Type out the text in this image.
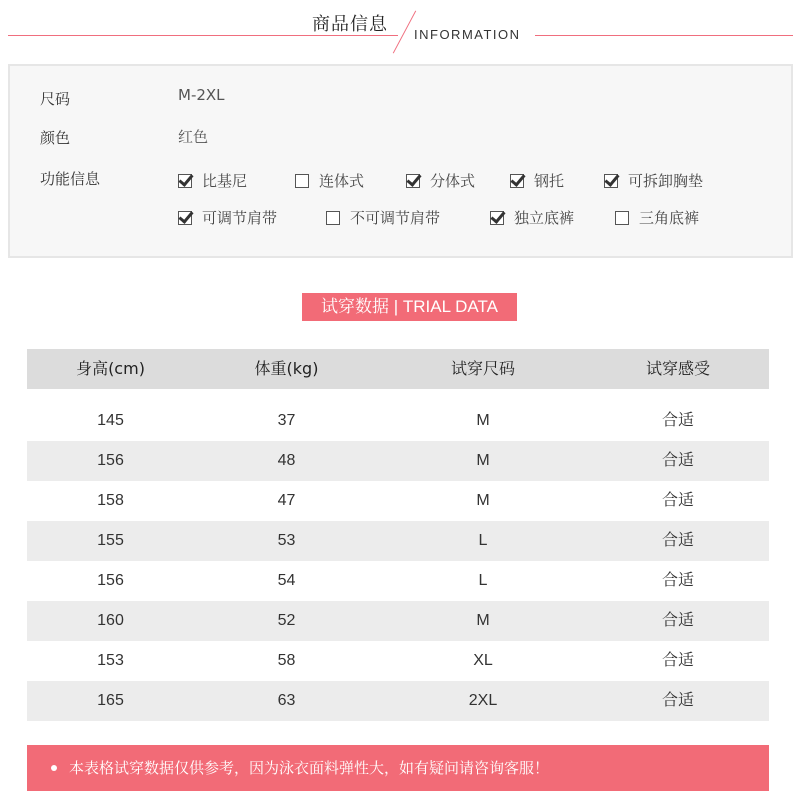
商品信息 INFORMATION
尺码	M-2XL
颜色	红色
功能信息	比基尼	连体式	分体式	钢托	可拆卸胸垫
可调节肩带	不可调节肩带	独立底裤	三角底裤
试穿数据 | TRIAL DATA
身高(cm)	体重(kg)	试穿尺码	试穿感受
145	37	M	合适
156	48	M	合适
158	47	M	合适
155	53	L	合适
156	54	L	合适
160	52	M	合适
153	58	XL	合适
165	63	2XL	合适
本表格试穿数据仅供参考，因为泳衣面料弹性大，如有疑问请咨询客服！
